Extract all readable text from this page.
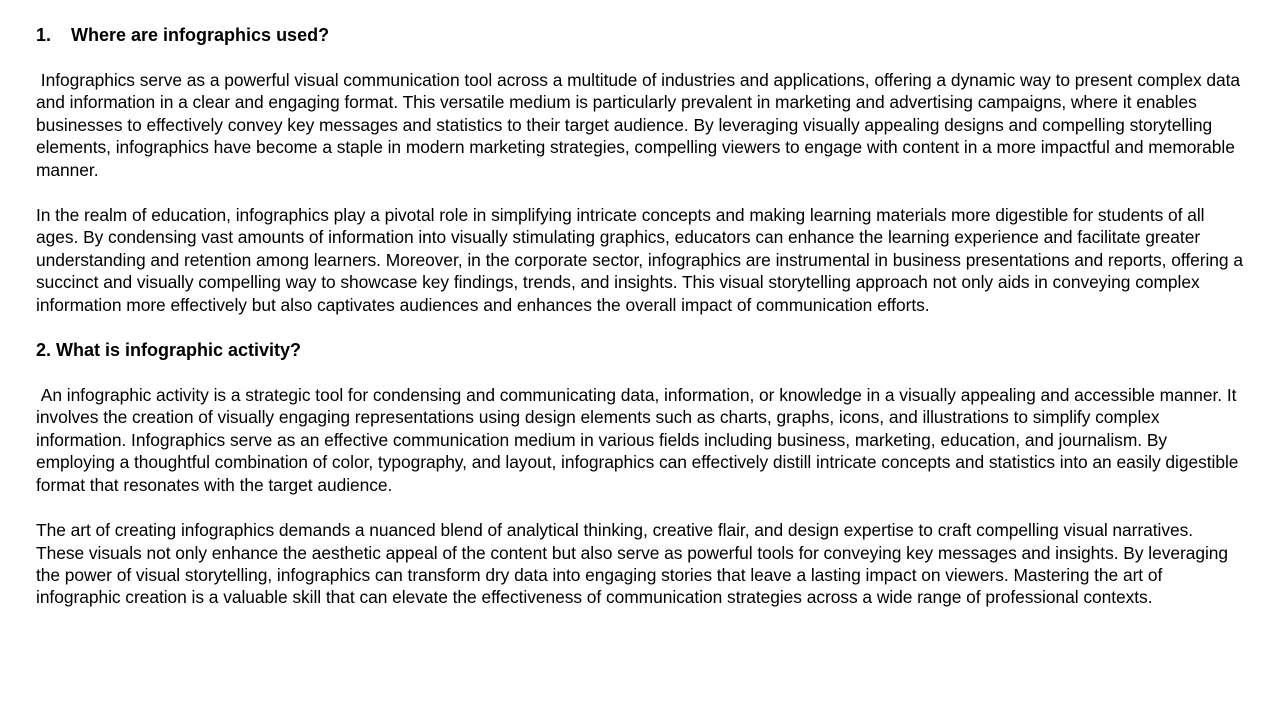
1.    Where are infographics used?

Infographics serve as a powerful visual communication tool across a multitude of industries and applications, offering a dynamic way to present complex data and information in a clear and engaging format. This versatile medium is particularly prevalent in marketing and advertising campaigns, where it enables businesses to effectively convey key messages and statistics to their target audience. By leveraging visually appealing designs and compelling storytelling elements, infographics have become a staple in modern marketing strategies, compelling viewers to engage with content in a more impactful and memorable manner.

In the realm of education, infographics play a pivotal role in simplifying intricate concepts and making learning materials more digestible for students of all ages. By condensing vast amounts of information into visually stimulating graphics, educators can enhance the learning experience and facilitate greater understanding and retention among learners. Moreover, in the corporate sector, infographics are instrumental in business presentations and reports, offering a succinct and visually compelling way to showcase key findings, trends, and insights. This visual storytelling approach not only aids in conveying complex information more effectively but also captivates audiences and enhances the overall impact of communication efforts.

2. What is infographic activity?

An infographic activity is a strategic tool for condensing and communicating data, information, or knowledge in a visually appealing and accessible manner. It involves the creation of visually engaging representations using design elements such as charts, graphs, icons, and illustrations to simplify complex information. Infographics serve as an effective communication medium in various fields including business, marketing, education, and journalism. By employing a thoughtful combination of color, typography, and layout, infographics can effectively distill intricate concepts and statistics into an easily digestible format that resonates with the target audience.

The art of creating infographics demands a nuanced blend of analytical thinking, creative flair, and design expertise to craft compelling visual narratives. These visuals not only enhance the aesthetic appeal of the content but also serve as powerful tools for conveying key messages and insights. By leveraging the power of visual storytelling, infographics can transform dry data into engaging stories that leave a lasting impact on viewers. Mastering the art of infographic creation is a valuable skill that can elevate the effectiveness of communication strategies across a wide range of professional contexts.
